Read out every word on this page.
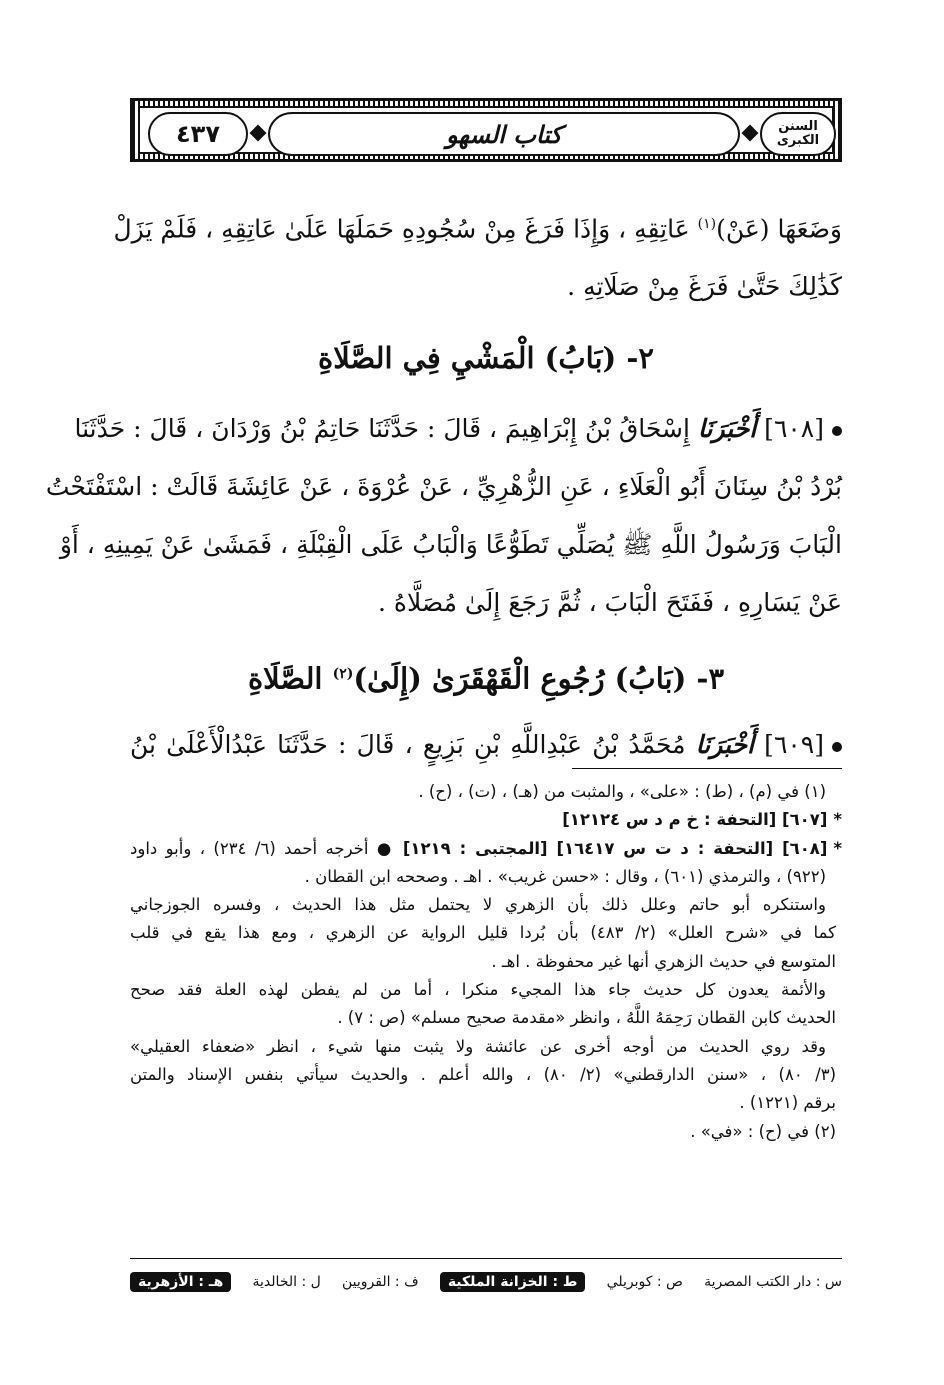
٤٣٧	كتاب السهو	السنن الكبرى
وَضَعَهَا (عَنْ)$^{(١)}$ عَاتِقِهِ ، وَإِذَا فَرَغَ مِنْ سُجُودِهِ حَمَلَهَا عَلَىٰ عَاتِقِهِ ، فَلَمْ يَزَلْ
كَذَٰلِكَ حَتَّىٰ فَرَغَ مِنْ صَلَاتِهِ .
٢- (بَابُ) الْمَشْيِ فِي الصَّلَاةِ
[٦٠٨] أَخْبَرَنَا إِسْحَاقُ بْنُ إِبْرَاهِيمَ ، قَالَ : حَدَّثَنَا حَاتِمُ بْنُ وَرْدَانَ ، قَالَ : حَدَّثَنَا
بُرْدُ بْنُ سِنَانَ أَبُو الْعَلَاءِ ، عَنِ الزُّهْرِيِّ ، عَنْ عُرْوَةَ ، عَنْ عَائِشَةَ قَالَتْ : اسْتَفْتَحْتُ
الْبَابَ وَرَسُولُ اللَّهِ ﷺ يُصَلِّي تَطَوُّعًا وَالْبَابُ عَلَى الْقِبْلَةِ ، فَمَشَىٰ عَنْ يَمِينِهِ ، أَوْ
عَنْ يَسَارِهِ ، فَفَتَحَ الْبَابَ ، ثُمَّ رَجَعَ إِلَىٰ مُصَلَّاهُ .
٣- (بَابُ) رُجُوعِ الْقَهْقَرَىٰ (إِلَىٰ)$^{(٢)}$ الصَّلَاةِ
[٦٠٩] أَخْبَرَنَا مُحَمَّدُ بْنُ عَبْدِاللَّهِ بْنِ بَزِيعٍ ، قَالَ : حَدَّثَنَا عَبْدُالْأَعْلَىٰ بْنُ
(١) في (م) ، (ط) : «على» ، والمثبت من (هـ) ، (ت) ، (ح) .
*[٦٠٧] [التحفة : خ م د س ١٢١٢٤]
*[٦٠٨] [التحفة : د ت س ١٦٤١٧] [المجتبى : ١٢١٩] ● أخرجه أحمد (٦/ ٢٣٤) ، وأبو داود
(٩٢٢) ، والترمذي (٦٠١) ، وقال : «حسن غريب» . اهـ . وصححه ابن القطان .
واستنكره أبو حاتم وعلل ذلك بأن الزهري لا يحتمل مثل هذا الحديث ، وفسره الجوزجاني
كما في «شرح العلل» (٢/ ٤٨٣) بأن بُردا قليل الرواية عن الزهري ، ومع هذا يقع في قلب
المتوسع في حديث الزهري أنها غير محفوظة . اهـ .
والأئمة يعدون كل حديث جاء هذا المجيء منكرا ، أما من لم يفطن لهذه العلة فقد صحح
الحديث كابن القطان رَحِمَهُ اللَّهُ ، وانظر «مقدمة صحيح مسلم» (ص : ٧) .
وقد روي الحديث من أوجه أخرى عن عائشة ولا يثبت منها شيء ، انظر «ضعفاء العقيلي»
(٣/ ٨٠) ، «سنن الدارقطني» (٢/ ٨٠) ، والله أعلم . والحديث سيأتي بنفس الإسناد والمتن
برقم (١٢٢١) .
(٢) في (ح) : «في» .
س : دار الكتب المصرية
ص : كوبريلي
ط : الخزانة الملكية
ف : القرويين
ل : الخالدية
هـ : الأزهرية
